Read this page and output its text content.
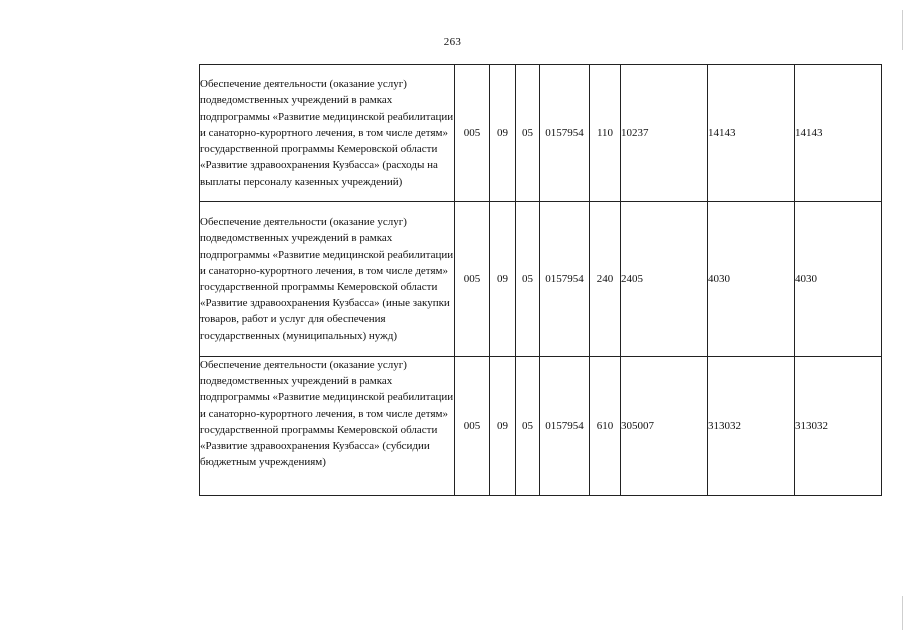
263
Обеспечение деятельности (оказание услуг) подведомственных учреждений в рамках подпрограммы «Развитие медицинской реабилитации и санаторно-курортного лечения, в том числе детям» государственной программы Кемеровской области «Развитие здравоохранения Кузбасса» (расходы на выплаты персоналу казенных учреждений)	005	09	05	0157954	110	10237	14143	14143
Обеспечение деятельности (оказание услуг) подведомственных учреждений в рамках подпрограммы «Развитие медицинской реабилитации и санаторно-курортного лечения, в том числе детям» государственной программы Кемеровской области «Развитие здравоохранения Кузбасса» (иные закупки товаров, работ и услуг для обеспечения государственных (муниципальных) нужд)	005	09	05	0157954	240	2405	4030	4030
Обеспечение деятельности (оказание услуг) подведомственных учреждений в рамках подпрограммы «Развитие медицинской реабилитации и санаторно-курортного лечения, в том числе детям» государственной программы Кемеровской области «Развитие здравоохранения Кузбасса» (субсидии бюджетным учреждениям)	005	09	05	0157954	610	305007	313032	313032
